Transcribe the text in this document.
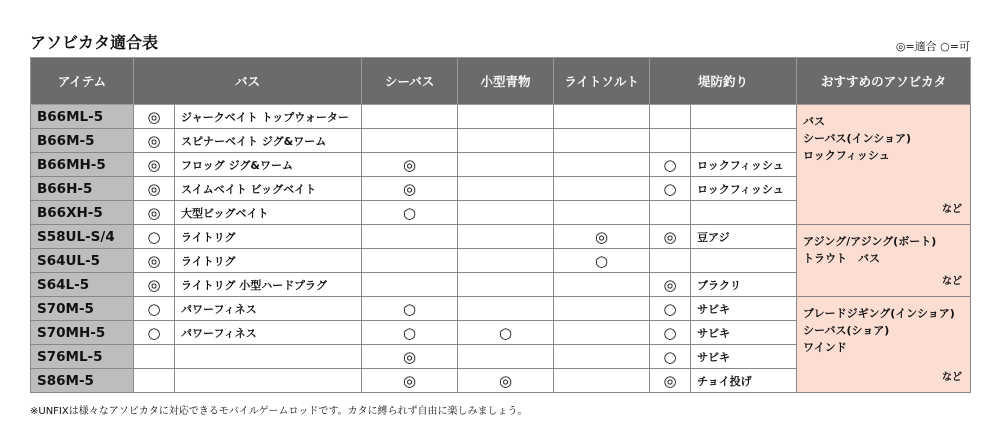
アソビカタ適合表	◎=適合 ○=可
アイテム	バス		シーバス	小型青物	ライトソルト	堤防釣り		おすすめのアソビカタ
B66ML-5	◎	ジャークベイト トップウォーター						バス
シーバス(インショア)
ロックフィッシュ
など

B66M-5	◎	スピナーベイト ジグ&ワーム						
B66MH-5	◎	フロッグ ジグ&ワーム	◎			○	ロックフィッシュ	
B66H-5	◎	スイムベイト ビッグベイト	◎			○	ロックフィッシュ	
B66XH-5	◎	大型ビッグベイト	○					
S58UL-S/4	○	ライトリグ			◎	◎	豆アジ	アジング/アジング(ボート)
トラウト　バス
など

S64UL-5	◎	ライトリグ			○			
S64L-5	◎	ライトリグ 小型ハードプラグ				◎	ブラクリ	
S70M-5	○	パワーフィネス	○			○	サビキ	ブレードジギング(インショア)
シーバス(ショア)
ワインド
など

S70MH-5	○	パワーフィネス	○	○		○	サビキ	
S76ML-5			◎			○	サビキ	
S86M-5			◎	◎		◎	チョイ投げ	
※UNFIXは様々なアソビカタに対応できるモバイルゲームロッドです。カタに縛られず自由に楽しみましょう。
